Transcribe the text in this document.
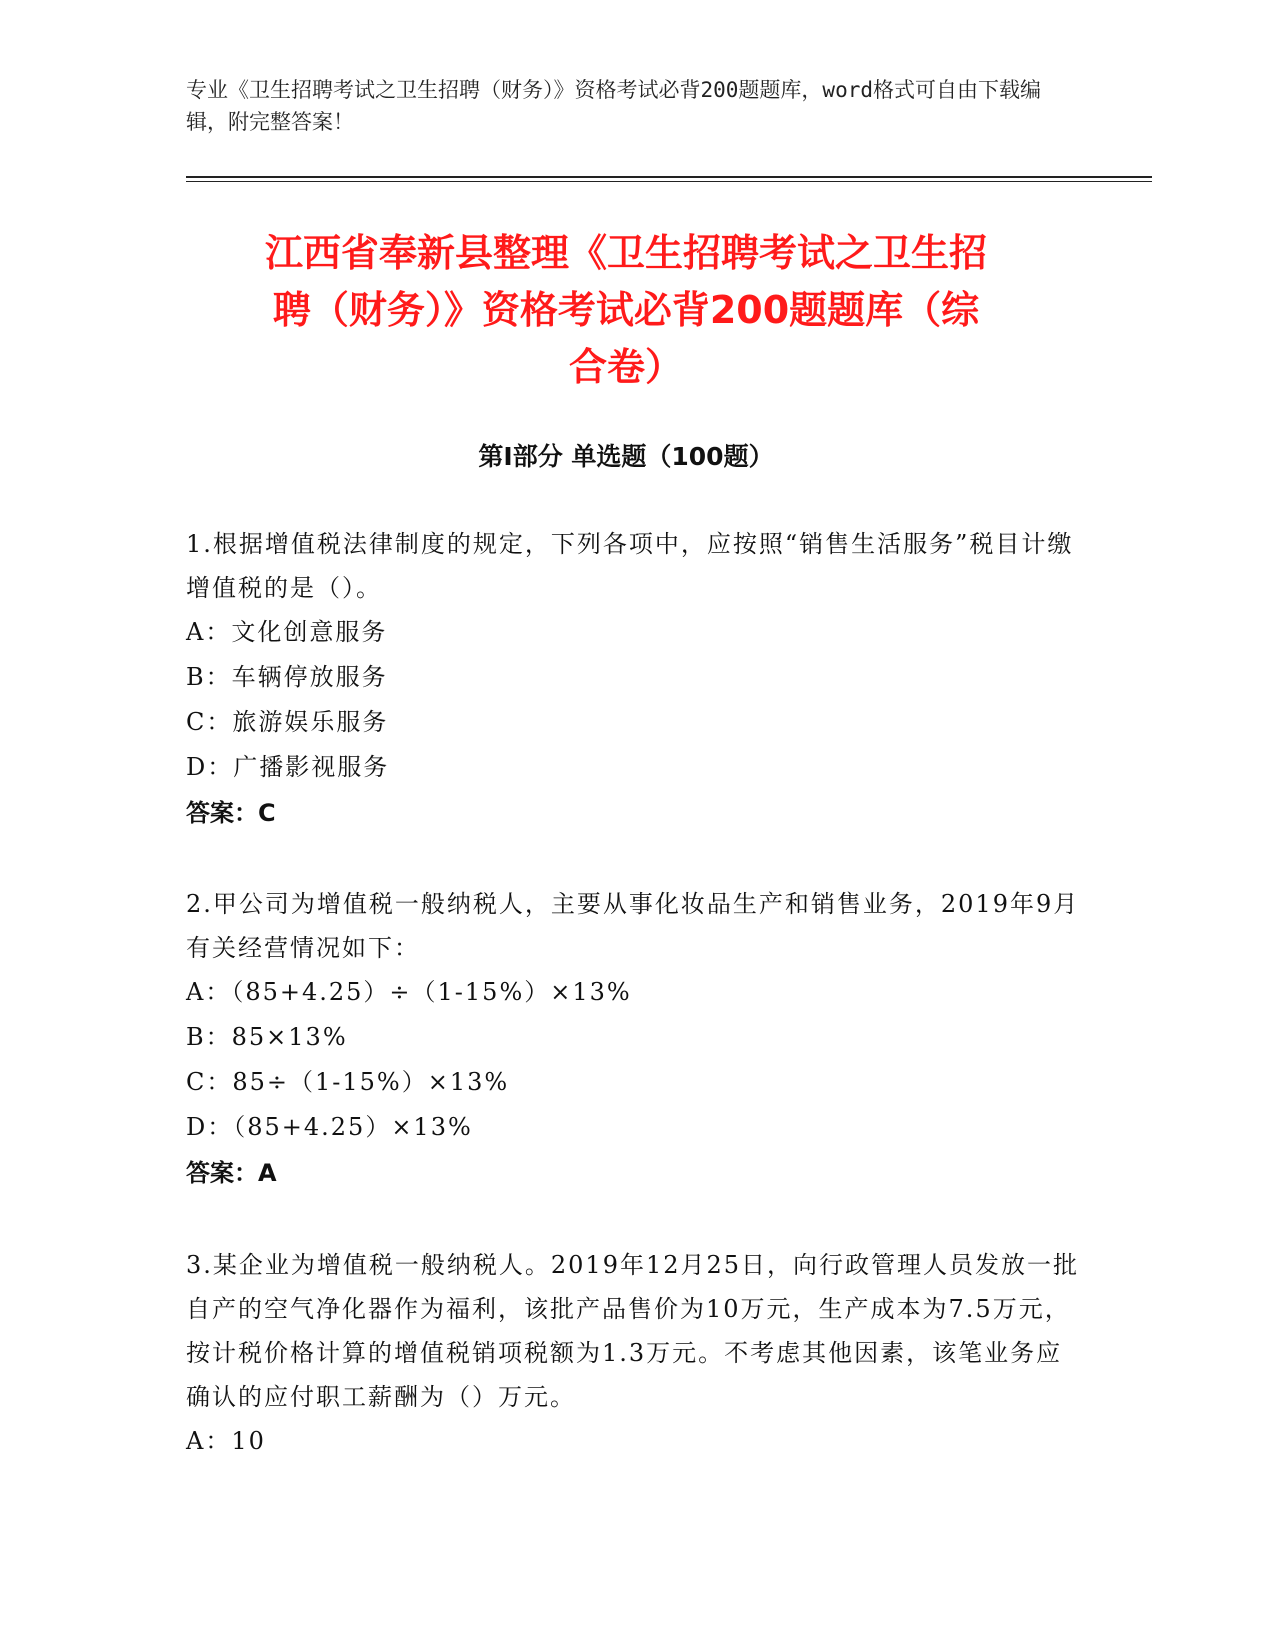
专业《卫生招聘考试之卫生招聘（财务）》资格考试必背200题题库，word格式可自由下载编辑，附完整答案！
江西省奉新县整理《卫生招聘考试之卫生招
聘（财务）》资格考试必背200题题库（综
合卷）
第I部分 单选题（100题）
1.根据增值税法律制度的规定，下列各项中，应按照“销售生活服务”税目计缴增值税的是（）。
A：文化创意服务
B：车辆停放服务
C：旅游娱乐服务
D：广播影视服务
答案：C
2.甲公司为增值税一般纳税人，主要从事化妆品生产和销售业务，2019年9月有关经营情况如下：
A：（85+4.25）÷（1-15%）×13%
B：85×13%
C：85÷（1-15%）×13%
D：（85+4.25）×13%
答案：A
3.某企业为增值税一般纳税人。2019年12月25日，向行政管理人员发放一批自产的空气净化器作为福利，该批产品售价为10万元，生产成本为7.5万元，按计税价格计算的增值税销项税额为1.3万元。不考虑其他因素，该笔业务应确认的应付职工薪酬为（）万元。
A：10
